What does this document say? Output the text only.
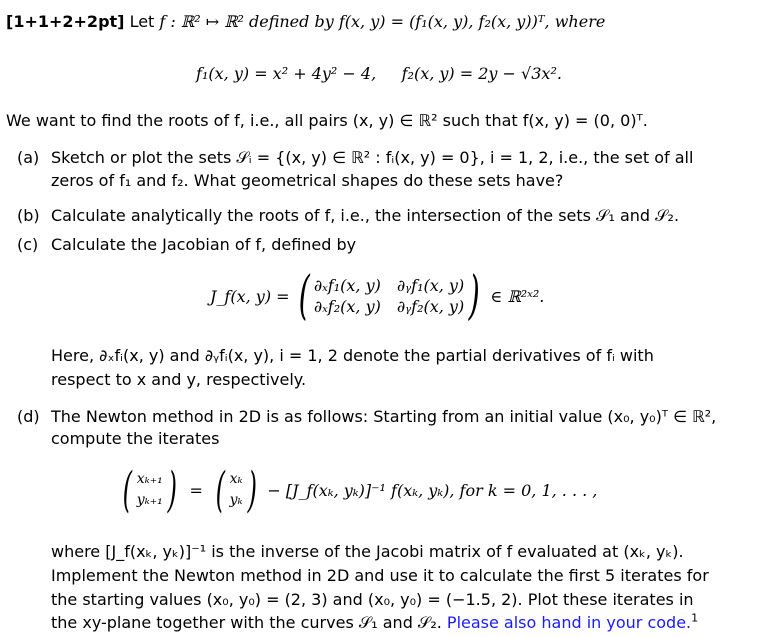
[1+1+2+2pt] Let f : ℝ² ↦ ℝ² defined by f(x, y) = (f₁(x, y), f₂(x, y))ᵀ, where
f₁(x, y) = x² + 4y² − 4, f₂(x, y) = 2y − √3x².
We want to find the roots of f, i.e., all pairs (x, y) ∈ ℝ² such that f(x, y) = (0, 0)ᵀ.
(a) Sketch or plot the sets 𝒮ᵢ = {(x, y) ∈ ℝ² : fᵢ(x, y) = 0}, i = 1, 2, i.e., the set of all
zeros of f₁ and f₂. What geometrical shapes do these sets have?
(b) Calculate analytically the roots of f, i.e., the intersection of the sets 𝒮₁ and 𝒮₂.
(c) Calculate the Jacobian of f, defined by
J_f(x, y) = ( ∂ₓf₁(x, y)
∂ₓf₂(x, y)
∂ᵧf₁(x, y)
∂ᵧf₂(x, y) ) ∈ ℝ²ˣ².
Here, ∂ₓfᵢ(x, y) and ∂ᵧfᵢ(x, y), i = 1, 2 denote the partial derivatives of fᵢ with
respect to x and y, respectively.
(d) The Newton method in 2D is as follows: Starting from an initial value (x₀, y₀)ᵀ ∈ ℝ²,
compute the iterates
( xₖ₊₁
yₖ₊₁ ) = ( xₖ
yₖ ) − [J_f(xₖ, yₖ)]⁻¹ f(xₖ, yₖ), for k = 0, 1, . . . ,
where [J_f(xₖ, yₖ)]⁻¹ is the inverse of the Jacobi matrix of f evaluated at (xₖ, yₖ).
Implement the Newton method in 2D and use it to calculate the first 5 iterates for
the starting values (x₀, y₀) = (2, 3) and (x₀, y₀) = (−1.5, 2). Plot these iterates in
the xy-plane together with the curves 𝒮₁ and 𝒮₂. Please also hand in your code.$^1$
